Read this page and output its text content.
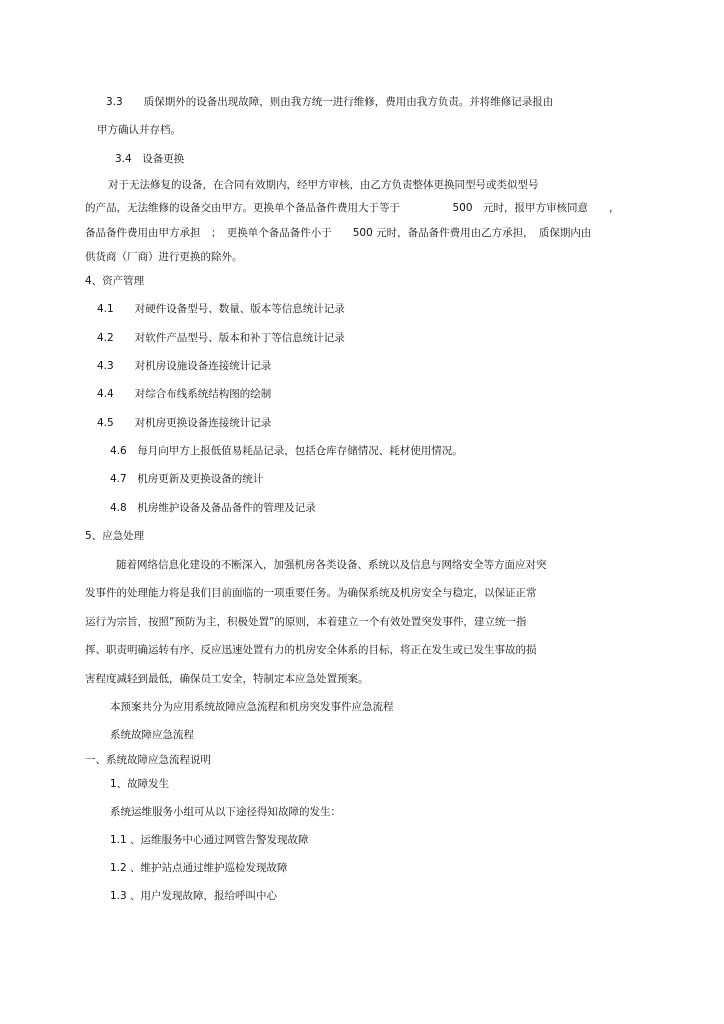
3.3　　质保期外的设备出现故障，则由我方统一进行维修，费用由我方负责。并将维修记录报由
甲方确认并存档。
3.4　设备更换
对于无法修复的设备，在合同有效期内，经甲方审核，由乙方负责整体更换同型号或类似型号
的产品，无法维修的设备交由甲方。更换单个备品备件费用大于等于　　　　　500　元时，报甲方审核同意　　，
备品备件费用由甲方承担　；　更换单个备品备件小于　　500 元时，备品备件费用由乙方承担，　质保期内由
供货商（厂商）进行更换的除外。
4、资产管理
4.1　　对硬件设备型号、数量、版本等信息统计记录
4.2　　对软件产品型号、版本和补丁等信息统计记录
4.3　　对机房设施设备连接统计记录
4.4　　对综合布线系统结构图的绘制
4.5　　对机房更换设备连接统计记录
4.6　每月向甲方上报低值易耗品记录，包括仓库存储情况、耗材使用情况。
4.7　机房更新及更换设备的统计
4.8　机房维护设备及备品备件的管理及记录
5、应急处理
随着网络信息化建设的不断深入，加强机房各类设备、系统以及信息与网络安全等方面应对突
发事件的处理能力将是我们目前面临的一项重要任务。为确保系统及机房安全与稳定，以保证正常
运行为宗旨，按照”预防为主，积极处置”的原则，本着建立一个有效处置突发事件，建立统一指
挥、职责明确运转有序、反应迅速处置有力的机房安全体系的目标，将正在发生或已发生事故的损
害程度减轻到最低，确保员工安全，特制定本应急处置预案。
本预案共分为应用系统故障应急流程和机房突发事件应急流程
系统故障应急流程
一、系统故障应急流程说明
1、故障发生
系统运维服务小组可从以下途径得知故障的发生：
1.1 、运维服务中心通过网管告警发现故障
1.2 、维护站点通过维护巡检发现故障
1.3 、用户发现故障，报给呼叫中心
